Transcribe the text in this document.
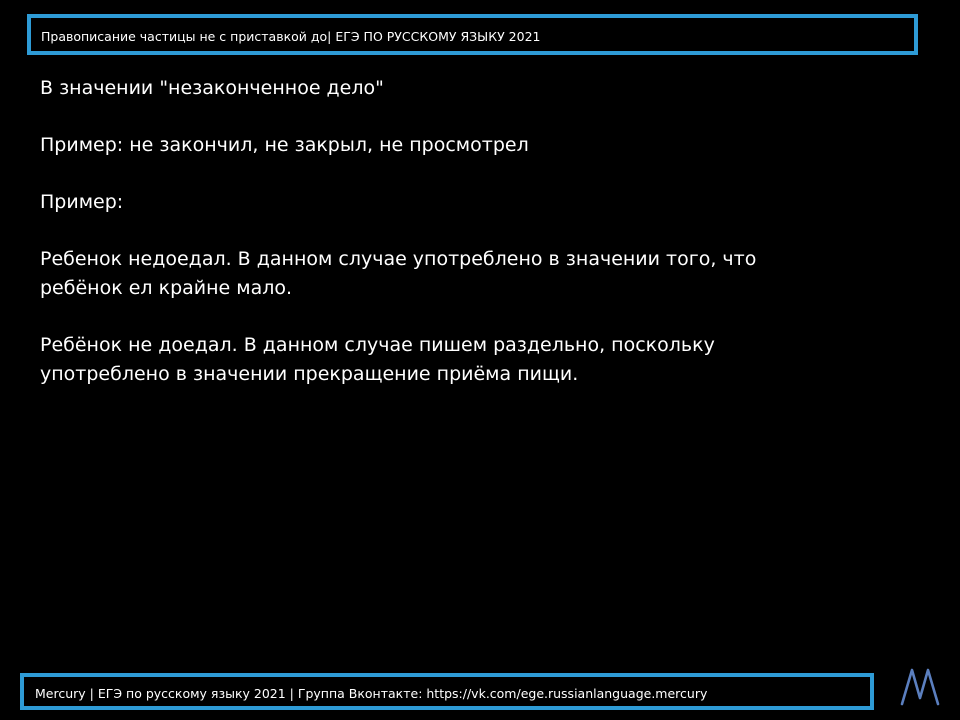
Правописание частицы не с приставкой до| ЕГЭ ПО РУССКОМУ ЯЗЫКУ 2021

В значении "незаконченное дело"

Пример: не закончил, не закрыл, не просмотрел

Пример:

Ребенок недоедал. В данном случае употреблено в значении того, что

ребёнок ел крайне мало.

Ребёнок не доедал. В данном случае пишем раздельно, поскольку

употреблено в значении прекращение приёма пищи.

Mercury | ЕГЭ по русскому языку 2021 | Группа Вконтакте: https://vk.com/ege.russianlanguage.mercury
